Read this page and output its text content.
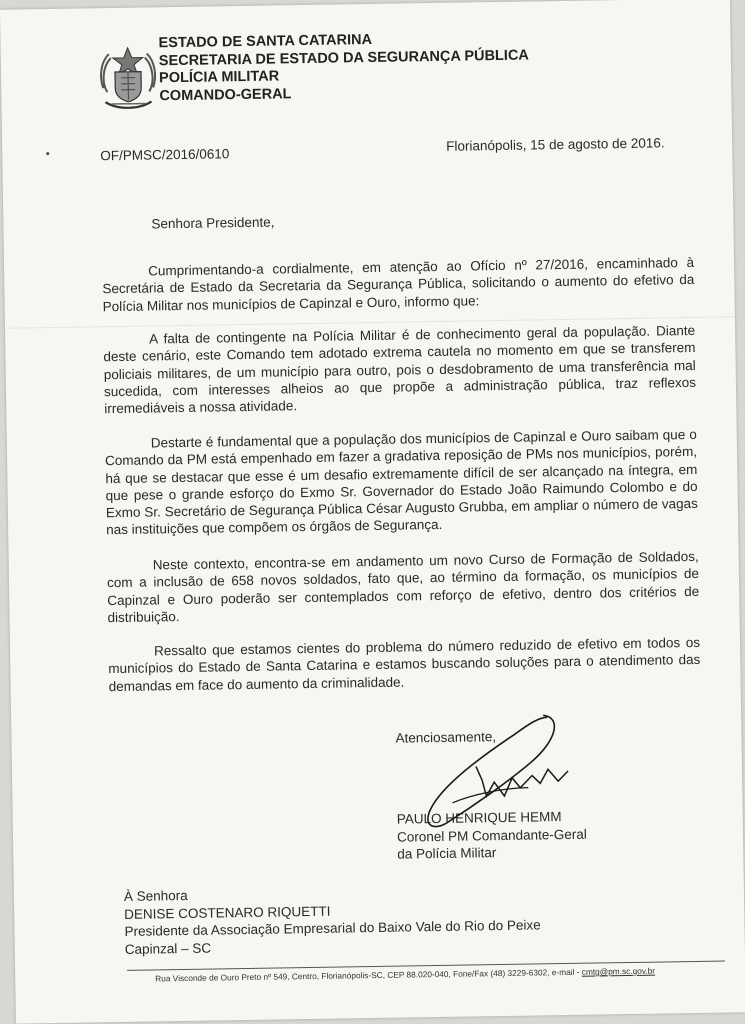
ESTADO DE SANTA CATARINA
SECRETARIA DE ESTADO DA SEGURANÇA PÚBLICA
POLÍCIA MILITAR
COMANDO-GERAL
OF/PMSC/2016/0610
Florianópolis, 15 de agosto de 2016.
Senhora Presidente,

Cumprimentando-a cordialmente, em atenção ao Ofício nº 27/2016, encaminhado à Secretária de Estado da Secretaria da Segurança Pública, solicitando o aumento do efetivo da Polícia Militar nos municípios de Capinzal e Ouro, informo que:

A falta de contingente na Polícia Militar é de conhecimento geral da população. Diante deste cenário, este Comando tem adotado extrema cautela no momento em que se transferem policiais militares, de um município para outro, pois o desdobramento de uma transferência mal sucedida, com interesses alheios ao que propõe a administração pública, traz reflexos irremediáveis a nossa atividade.

Destarte é fundamental que a população dos municípios de Capinzal e Ouro saibam que o Comando da PM está empenhado em fazer a gradativa reposição de PMs nos municípios, porém, há que se destacar que esse é um desafio extremamente difícil de ser alcançado na íntegra, em que pese o grande esforço do Exmo Sr. Governador do Estado João Raimundo Colombo e do Exmo Sr. Secretário de Segurança Pública César Augusto Grubba, em ampliar o número de vagas nas instituições que compõem os órgãos de Segurança.

Neste contexto, encontra-se em andamento um novo Curso de Formação de Soldados, com a inclusão de 658 novos soldados, fato que, ao término da formação, os municípios de Capinzal e Ouro poderão ser contemplados com reforço de efetivo, dentro dos critérios de distribuição.

Ressalto que estamos cientes do problema do número reduzido de efetivo em todos os municípios do Estado de Santa Catarina e estamos buscando soluções para o atendimento das demandas em face do aumento da criminalidade.

Atenciosamente,
PAULO HENRIQUE HEMM
Coronel PM Comandante-Geral
da Polícia Militar
À Senhora
DENISE COSTENARO RIQUETTI
Presidente da Associação Empresarial do Baixo Vale do Rio do Peixe
Capinzal – SC
Rua Visconde de Ouro Preto nº 549, Centro, Florianópolis-SC, CEP 88.020-040, Fone/Fax (48) 3229-6302, e-mail - cmtg@pm.sc.gov.br
